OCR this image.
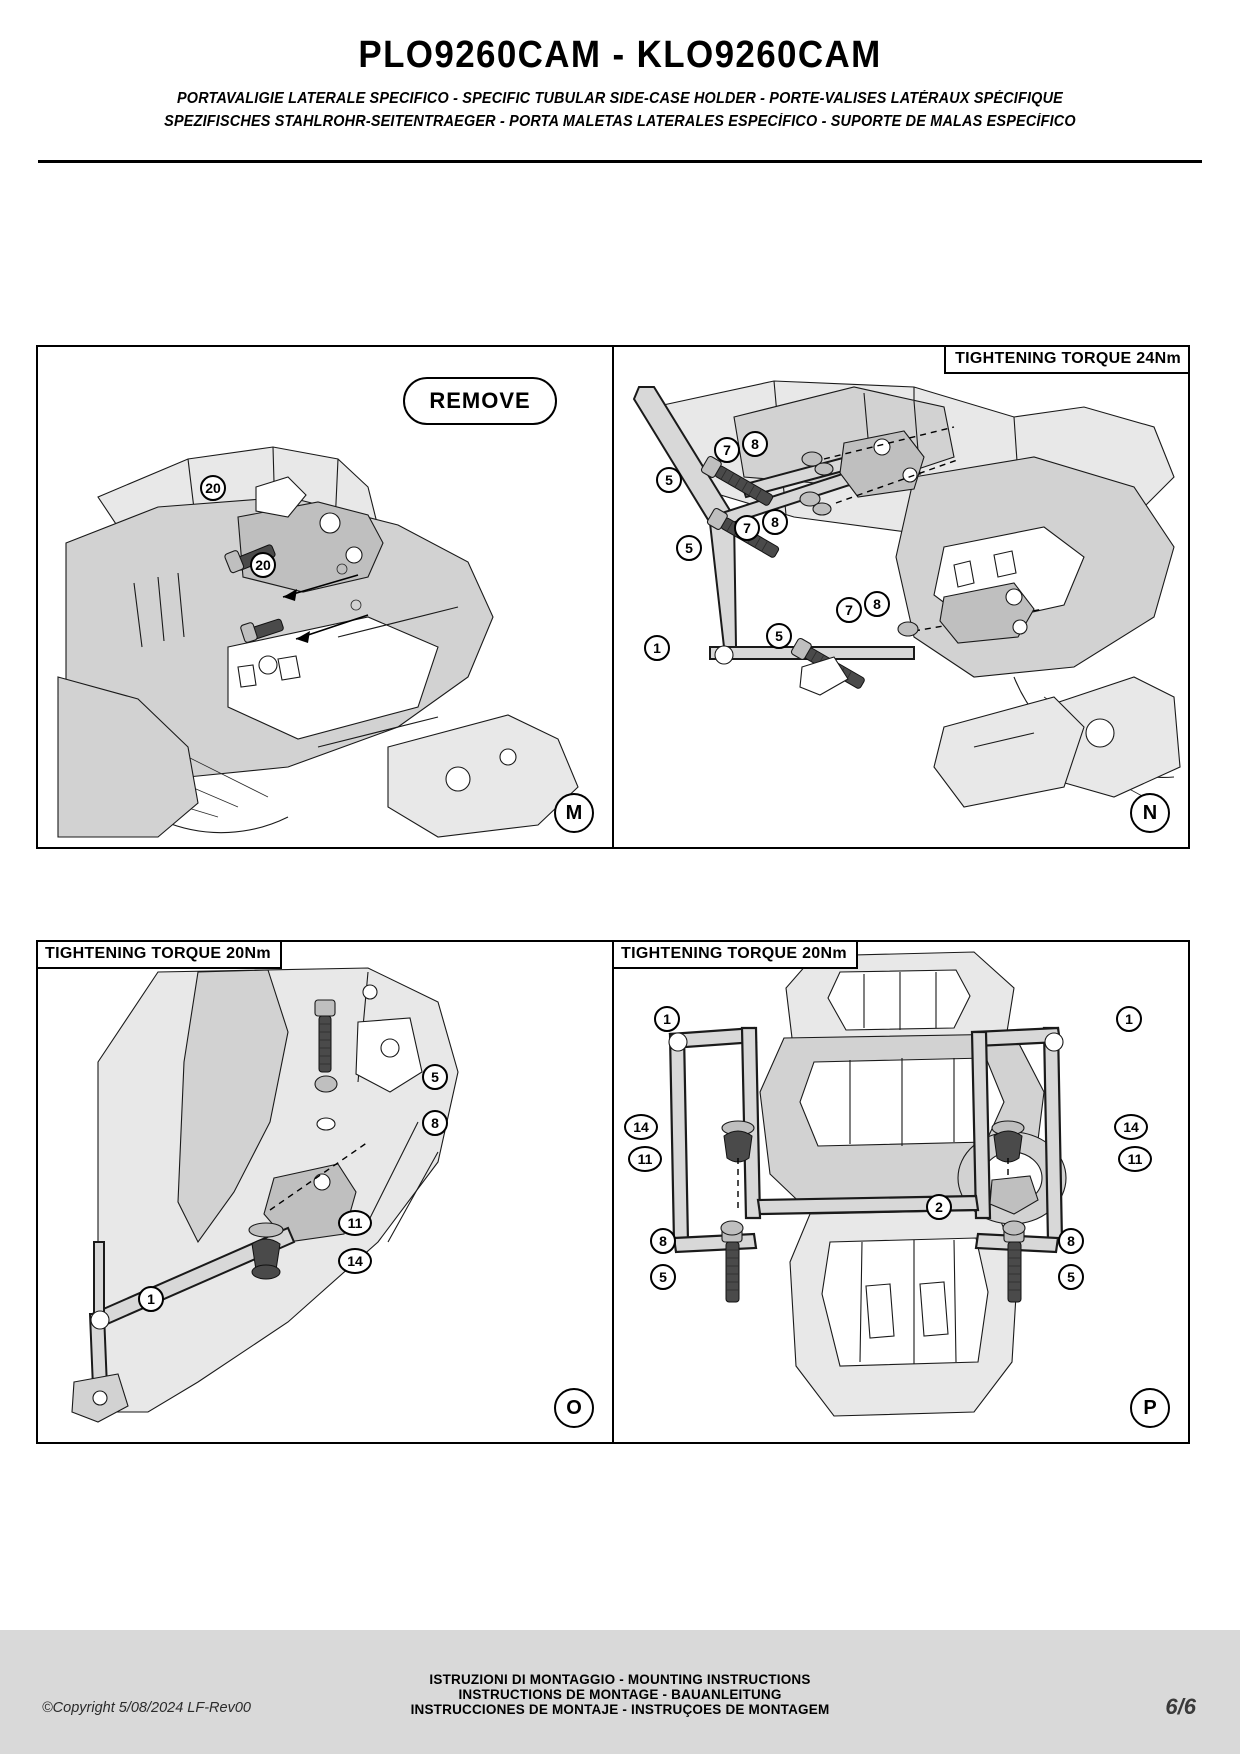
PLO9260CAM - KLO9260CAM
PORTAVALIGIE LATERALE SPECIFICO - SPECIFIC TUBULAR SIDE-CASE HOLDER - PORTE-VALISES LATÉRAUX SPÉCIFIQUE
SPEZIFISCHES STAHLROHR-SEITENTRAEGER - PORTA MALETAS LATERALES ESPECÍFICO - SUPORTE DE MALAS ESPECÍFICO
REMOVE
20
20
M
TIGHTENING TORQUE 24Nm
7	8
5
7	8
5
1
5
7	8
N
TIGHTENING TORQUE 20Nm
5
8
11
14
1
O
TIGHTENING TORQUE 20Nm
1	1
14
11
14
11
2
8
5
8
5
P
©Copyright 5/08/2024 LF-Rev00
ISTRUZIONI DI MONTAGGIO - MOUNTING INSTRUCTIONS
INSTRUCTIONS DE MONTAGE - BAUANLEITUNG
INSTRUCCIONES DE MONTAJE - INSTRUÇOES DE MONTAGEM	6/6
